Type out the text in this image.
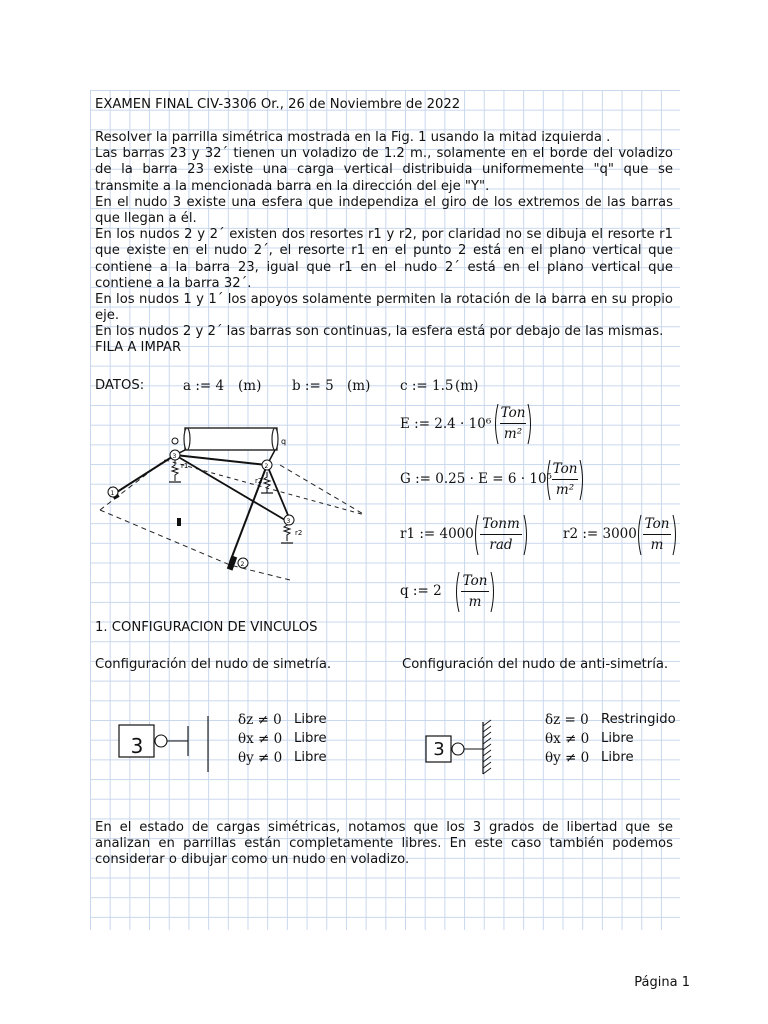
EXAMEN FINAL CIV-3306 Or., 26 de Noviembre de 2022
Resolver la parrilla simétrica mostrada en la Fig. 1 usando la mitad izquierda .
Las barras 23 y 32´ tienen un voladizo de 1.2 m., solamente en el borde del voladizo de la barra 23 existe una carga vertical distribuida uniformemente "q" que se transmite a la mencionada barra en la dirección del eje "Y".
En el nudo 3 existe una esfera que independiza el giro de los extremos de las barras que llegan a él.
En los nudos 2 y 2´ existen dos resortes r1 y r2, por claridad no se dibuja el resorte r1 que existe en el nudo 2´, el resorte r1 en el punto 2 está en el plano vertical que contiene a la barra 23, igual que r1 en el nudo 2´ está en el plano vertical que contiene a la barra 32´.
En los nudos 1 y 1´ los apoyos solamente permiten la rotación de la barra en su propio eje.
En los nudos 2 y 2´ las barras son continuas, la esfera está por debajo de las mismas.
FILA A IMPAR
DATOS:	a := 4 (m) b := 5 (m) c := 1.5 (m)
E := 2.4 · 10⁶
Ton
m²
G := 0.25 · E = 6 · 10⁵
Ton
m²
r1 := 4000
Tonm
rad
r2 := 3000
Ton
m
q := 2
Ton
m
q
r1
r2
r2
3
1
2
3
2
1. CONFIGURACION DE VINCULOS
Configuración del nudo de simetría.	Configuración del nudo de anti-simetría.
3
δz ≠ 0 Libre
θx ≠ 0 Libre
θy ≠ 0 Libre	3
δz = 0 Restringido
θx ≠ 0 Libre
θy ≠ 0 Libre
En el estado de cargas simétricas, notamos que los 3 grados de libertad que se analizan en parrillas están completamente libres. En este caso también podemos considerar o dibujar como un nudo en voladizo.
Página 1
